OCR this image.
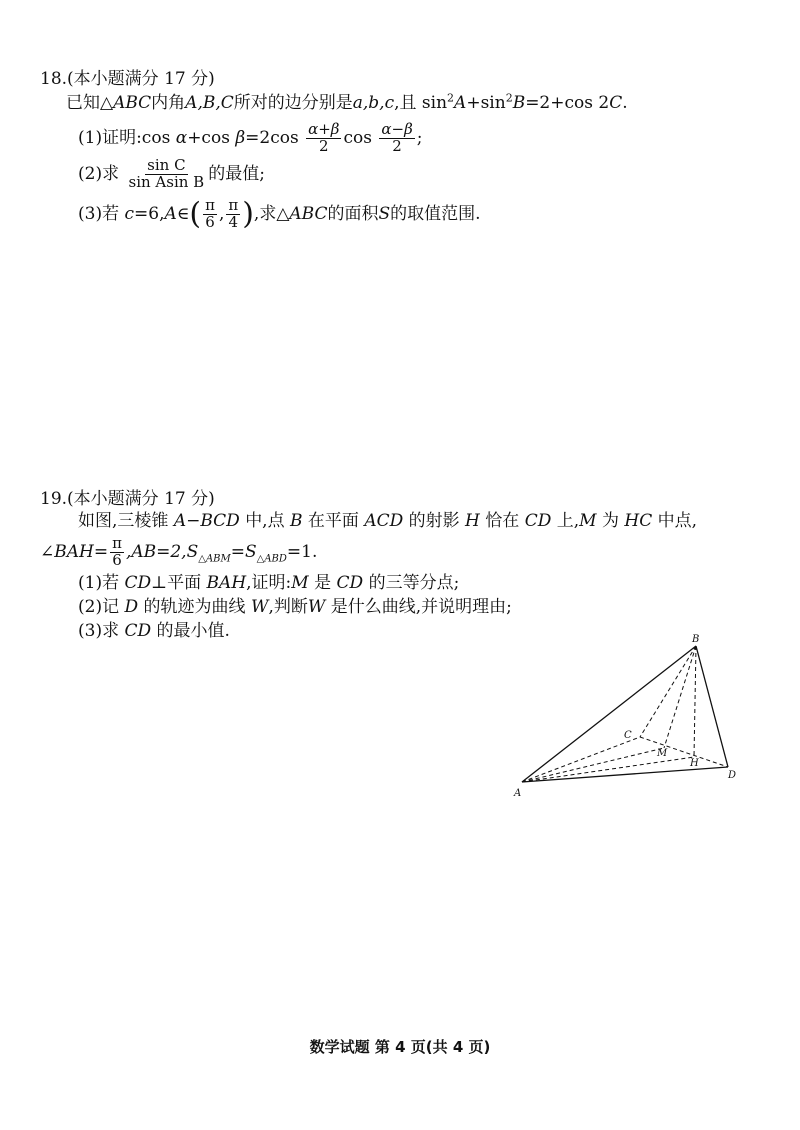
18.(本小题满分 17 分)
已知△ABC内角A,B,C所对的边分别是a,b,c,且 $\sin^2A+\sin^2B=2+\cos$ 2C.
(1)证明:cos α+cos $\beta=2\cos \frac{\alpha+\beta}{2}$ $\cos \frac{\alpha-\beta}{2}$ ;
(2)求 $\frac{\text{sin C}}{\text{sin Asin B}}$ 的最值;
(3)若 c=6,A∈( $\frac{\pi}{6}$ , $\frac{\pi}{4}$ ),求△ABC的面积S的取值范围.
19.(本小题满分 17 分)
如图,三棱锥 A−BCD 中,点 B 在平面 ACD 的射影 H 恰在 CD 上,M 为 HC 中点,
∠BAH= $\frac{\pi}{6} ,AB=2,S_{\triangle ABM}=S_{\triangle ABD}=1$.
(1)若 CD⊥平面 BAH,证明:M 是 CD 的三等分点;
(2)记 D 的轨迹为曲线 W,判断W 是什么曲线,并说明理由;
(3)求 CD 的最小值.
A
B
C
D
H
M
数学试题 第 4 页(共 4 页)
